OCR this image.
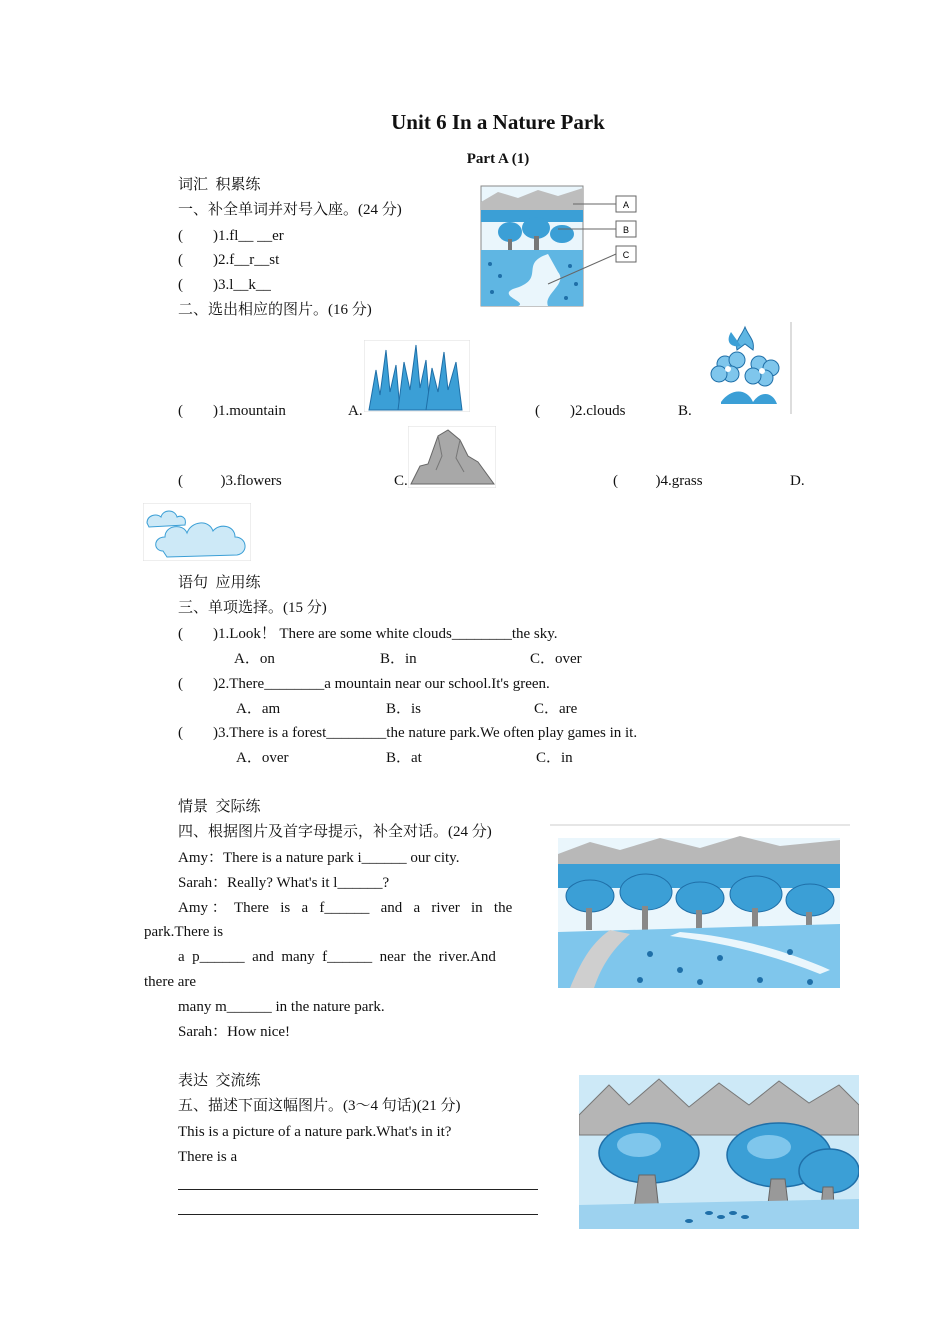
Unit 6 In a Nature Park
Part A (1)
词汇  积累练
一、补全单词并对号入座。(24 分)
(        )1.fl__ __er
(        )2.f__r__st
(        )3.l__k__
A
B
C
二、选出相应的图片。(16 分)
(        )1.mountain	A.	(        )2.clouds	B.
(          )3.flowers	C.	(          )4.grass	D.
语句  应用练
三、单项选择。(15 分)
(        )1.Look！ There are some white clouds________the sky.
A．on	B．in	C．over
(        )2.There________a mountain near our school.It's green.
A．am	B．is	C．are
(        )3.There is a forest________the nature park.We often play games in it.
A．over	B．at	C．in
情景  交际练
四、根据图片及首字母提示，补全对话。(24 分)
Amy：There is a nature park i______ our city.
Sarah：Really? What's it l______?
Amy ：  There   is   a   f______   and   a   river   in   the
park.There is
a  p______  and  many  f______  near  the  river.And
there are
many m______ in the nature park.
Sarah：How nice!
表达  交流练
五、描述下面这幅图片。(3～4 句话)(21 分)
This is a picture of a nature park.What's in it?
There is a
